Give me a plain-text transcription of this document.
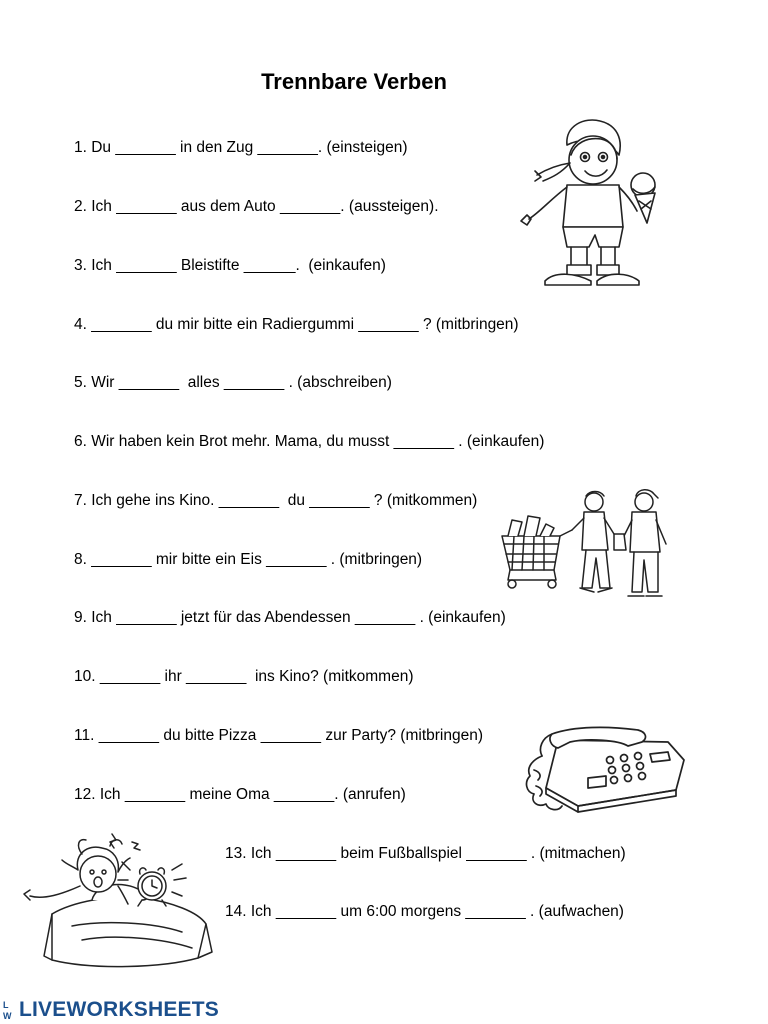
Trennbare Verben
1. Du _______ in den Zug _______. (einsteigen)
2. Ich _______ aus dem Auto _______. (aussteigen).
3. Ich _______ Bleistifte ______.  (einkaufen)
4. _______ du mir bitte ein Radiergummi _______ ? (mitbringen)
5. Wir _______  alles _______ . (abschreiben)
6. Wir haben kein Brot mehr. Mama, du musst _______ . (einkaufen)
7. Ich gehe ins Kino. _______  du _______ ? (mitkommen)
8. _______ mir bitte ein Eis _______ . (mitbringen)
9. Ich _______ jetzt für das Abendessen _______ . (einkaufen)
10. _______ ihr _______  ins Kino? (mitkommen)
11. _______ du bitte Pizza _______ zur Party? (mitbringen)
12. Ich _______ meine Oma _______. (anrufen)
13. Ich _______ beim Fußballspiel _______ . (mitmachen)
14. Ich _______ um 6:00 morgens _______ . (aufwachen)
L
W LIVEWORKSHEETS
